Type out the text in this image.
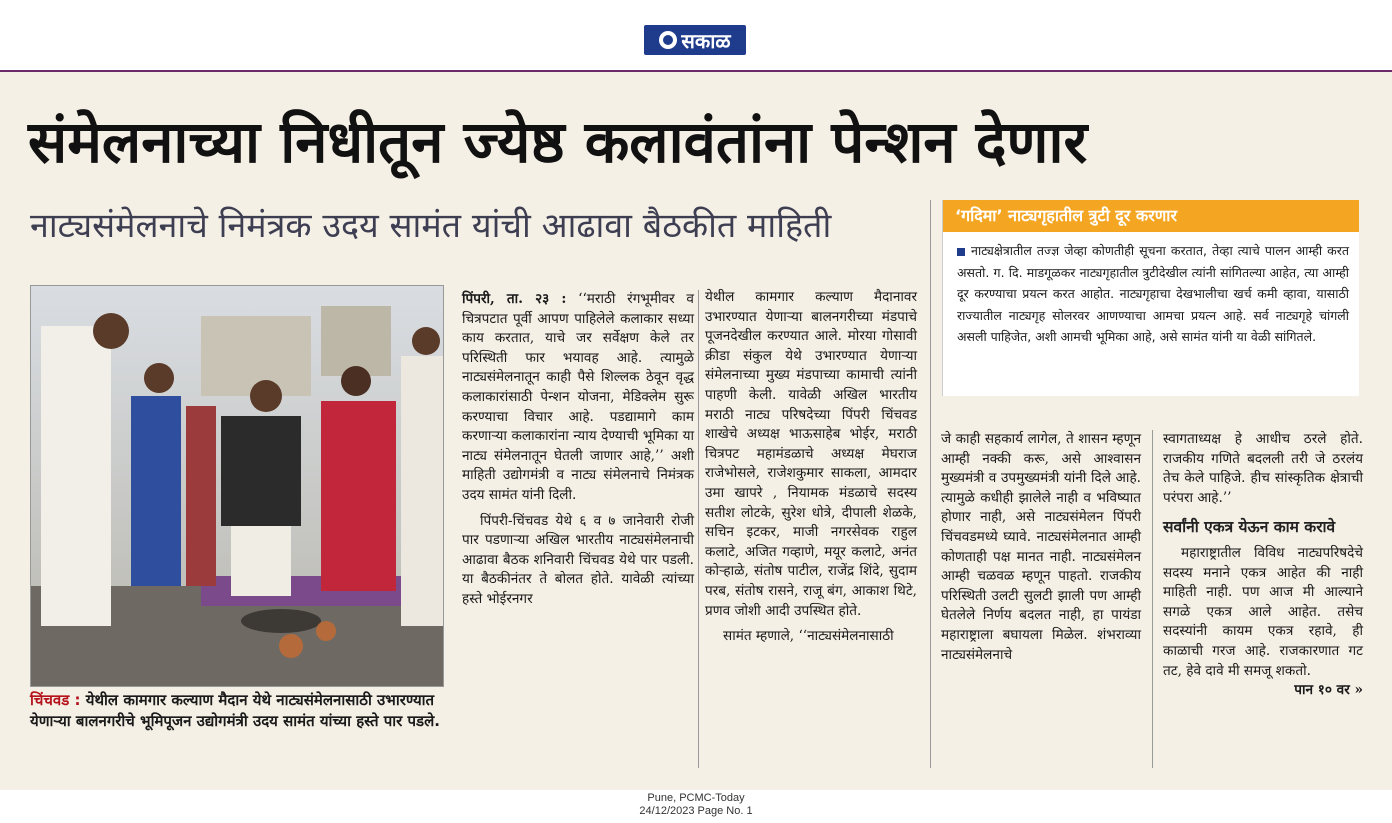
सकाळ
संमेलनाच्या निधीतून ज्येष्ठ कलावंतांना पेन्शन देणार
नाट्यसंमेलनाचे निमंत्रक उदय सामंत यांची आढावा बैठकीत माहिती
चिंचवड : येथील कामगार कल्याण मैदान येथे नाट्यसंमेलनासाठी उभारण्यात येणाऱ्या बालनगरीचे भूमिपूजन उद्योगमंत्री उदय सामंत यांच्या हस्ते पार पडले.

पिंपरी, ता. २३ : ‘‘मराठी रंगभूमीवर व चित्रपटात पूर्वी आपण पाहिलेले कलाकार सध्या काय करतात, याचे जर सर्वेक्षण केले तर परिस्थिती फार भयावह आहे. त्यामुळे नाट्यसंमेलनातून काही पैसे शिल्लक ठेवून वृद्ध कलाकारांसाठी पेन्शन योजना, मेडिक्लेम सुरू करण्याचा विचार आहे. पडद्यामागे काम करणाऱ्या कलाकारांना न्याय देण्याची भूमिका या नाट्य संमेलनातून घेतली जाणार आहे,’’ अशी माहिती उद्योगमंत्री व नाट्य संमेलनाचे निमंत्रक उदय सामंत यांनी दिली.

पिंपरी-चिंचवड येथे ६ व ७ जानेवारी रोजी पार पडणाऱ्या अखिल भारतीय नाट्यसंमेलनाची आढावा बैठक शनिवारी चिंचवड येथे पार पडली. या बैठकीनंतर ते बोलत होते. यावेळी त्यांच्या हस्ते भोईरनगर

येथील कामगार कल्याण मैदानावर उभारण्यात येणाऱ्या बालनगरीच्या मंडपाचे पूजनदेखील करण्यात आले. मोरया गोसावी क्रीडा संकुल येथे उभारण्यात येणाऱ्या संमेलनाच्या मुख्य मंडपाच्या कामाची त्यांनी पाहणी केली. यावेळी अखिल भारतीय मराठी नाट्य परिषदेच्या पिंपरी चिंचवड शाखेचे अध्यक्ष भाऊसाहेब भोईर, मराठी चित्रपट महामंडळाचे अध्यक्ष मेघराज राजेभोसले, राजेशकुमार साकला, आमदार उमा खापरे , नियामक मंडळाचे सदस्य सतीश लोटके, सुरेश धोत्रे, दीपाली शेळके, सचिन इटकर, माजी नगरसेवक राहुल कलाटे, अजित गव्हाणे, मयूर कलाटे, अनंत कोऱ्हाळे, संतोष पाटील, राजेंद्र शिंदे, सुदाम परब, संतोष रासने, राजू बंग, आकाश थिटे, प्रणव जोशी आदी उपस्थित होते.

सामंत म्हणाले, ‘‘नाट्यसंमेलनासाठी

‘गदिमा’ नाट्यगृहातील त्रुटी दूर करणार
नाट्यक्षेत्रातील तज्ज्ञ जेव्हा कोणतीही सूचना करतात, तेव्हा त्याचे पालन आम्ही करत असतो. ग. दि. माडगूळकर नाट्यगृहातील त्रुटीदेखील त्यांनी सांगितल्या आहेत, त्या आम्ही दूर करण्याचा प्रयत्न करत आहोत. नाट्यगृहाचा देखभालीचा खर्च कमी व्हावा, यासाठी राज्यातील नाट्यगृह सोलरवर आणण्याचा आमचा प्रयत्न आहे. सर्व नाट्यगृहे चांगली असली पाहिजेत, अशी आमची भूमिका आहे, असे सामंत यांनी या वेळी सांगितले.

जे काही सहकार्य लागेल, ते शासन म्हणून आम्ही नक्की करू, असे आश्वासन मुख्यमंत्री व उपमुख्यमंत्री यांनी दिले आहे. त्यामुळे कधीही झालेले नाही व भविष्यात होणार नाही, असे नाट्यसंमेलन पिंपरी चिंचवडमध्ये घ्यावे. नाट्यसंमेलनात आम्ही कोणताही पक्ष मानत नाही. नाट्यसंमेलन आम्ही चळवळ म्हणून पाहतो. राजकीय परिस्थिती उलटी सुलटी झाली पण आम्ही घेतलेले निर्णय बदलत नाही, हा पायंडा महाराष्ट्राला बघायला मिळेल. शंभराव्या नाट्यसंमेलनाचे

स्वागताध्यक्ष हे आधीच ठरले होते. राजकीय गणिते बदलली तरी जे ठरलंय तेच केले पाहिजे. हीच सांस्कृतिक क्षेत्राची परंपरा आहे.’’

सर्वांनी एकत्र येऊन काम करावे

महाराष्ट्रातील विविध नाट्यपरिषदेचे सदस्य मनाने एकत्र आहेत की नाही माहिती नाही. पण आज मी आल्याने सगळे एकत्र आले आहेत. तसेच सदस्यांनी कायम एकत्र रहावे, ही काळाची गरज आहे. राजकारणात गट तट, हेवे दावे मी समजू शकतो.

पान १० वर »

Pune, PCMC-Today
24/12/2023 Page No. 1
